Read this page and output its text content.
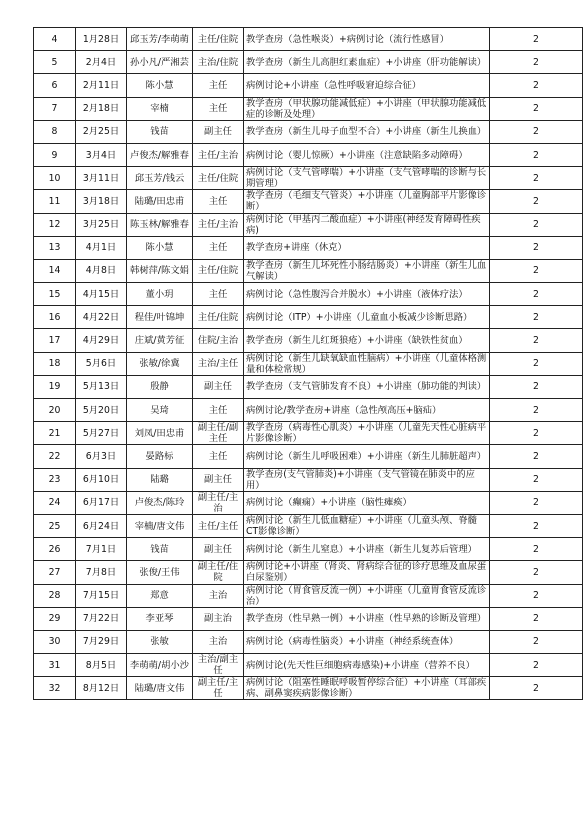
4	1月28日	邱玉芳/李萌萌	主任/住院	教学查房（急性喉炎）+病例讨论（流行性感冒）	2
5	2月4日	孙小凡/严湘芸	主治/住院	教学查房（新生儿高胆红素血症）+小讲座（肝功能解读）	2
6	2月11日	陈小慧	主任	病例讨论+小讲座（急性呼吸窘迫综合征）	2
7	2月18日	宰楠	主任	教学查房（甲状腺功能减低症）+小讲座（甲状腺功能减低症的诊断及处理）	2
8	2月25日	钱苗	副主任	教学查房（新生儿母子血型不合）+小讲座（新生儿换血）	2
9	3月4日	卢俊杰/解雅春	主任/主治	病例讨论（婴儿惊厥）+小讲座（注意缺陷多动障碍）	2
10	3月11日	邱玉芳/钱云	主任/住院	病例讨论（支气管哮喘）+小讲座（支气管哮喘的诊断与长期管理）	2
11	3月18日	陆璐/田忠甫	主任	教学查房（毛细支气管炎）+小讲座（儿童胸部平片影像诊断）	2
12	3月25日	陈玉林/解雅春	主任/主治	病例讨论（甲基丙二酸血症）+小讲座(神经发育障碍性疾病)	2
13	4月1日	陈小慧	主任	教学查房+讲座（休克）	2
14	4月8日	韩树萍/陈文娟	主任/住院	教学查房（新生儿坏死性小肠结肠炎）+小讲座（新生儿血气解读）	2
15	4月15日	董小玥	主任	病例讨论（急性腹泻合并脱水）+小讲座（液体疗法）	2
16	4月22日	程佳/叶锦坤	主任/住院	病例讨论（ITP）+小讲座（儿童血小板减少诊断思路）	2
17	4月29日	庄斌/黄芳征	住院/主治	教学查房（新生儿红斑狼疮）+小讲座（缺铁性贫血）	2
18	5月6日	张敏/徐冀	主治/主任	病例讨论（新生儿缺氧缺血性脑病）+小讲座（儿童体格测量和体检常规）	2
19	5月13日	殷静	副主任	教学查房（支气管肺发育不良）+小讲座（肺功能的判读）	2
20	5月20日	吴琦	主任	病例讨论/教学查房+讲座（急性颅高压+脑疝）	2
21	5月27日	刘凤/田忠甫	副主任/副主任	教学查房（病毒性心肌炎）+小讲座（儿童先天性心脏病平片影像诊断）	2
22	6月3日	晏路标	主任	病例讨论（新生儿呼吸困难）+小讲座（新生儿肺脏超声）	2
23	6月10日	陆璐	副主任	教学查房(支气管肺炎)+小讲座（支气管镜在肺炎中的应用）	2
24	6月17日	卢俊杰/陈玲	副主任/主治	病例讨论（癫痫）+小讲座（脑性瘫痪）	2
25	6月24日	宰楠/唐文伟	主任/主任	病例讨论（新生儿低血糖症）+小讲座（儿童头颅、脊髓CT影像诊断）	2
26	7月1日	钱苗	副主任	病例讨论（新生儿窒息）+小讲座（新生儿复苏后管理）	2
27	7月8日	张俊/王伟	副主任/住院	病例讨论+小讲座（肾炎、肾病综合征的诊疗思维及血尿蛋白尿鉴别）	2
28	7月15日	郑意	主治	病例讨论（胃食管反流一例）+小讲座（儿童胃食管反流诊治）	2
29	7月22日	李亚琴	副主治	教学查房（性早熟一例）+小讲座（性早熟的诊断及管理）	2
30	7月29日	张敏	主治	病例讨论（病毒性脑炎）+小讲座（神经系统查体）	2
31	8月5日	李萌萌/胡小沙	主治/副主任	病例讨论(先天性巨细胞病毒感染)+小讲座（营养不良）	2
32	8月12日	陆璐/唐文伟	副主任/主任	病例讨论（阻塞性睡眠呼吸暂停综合征）+小讲座（耳部疾病、副鼻窦疾病影像诊断）	2
